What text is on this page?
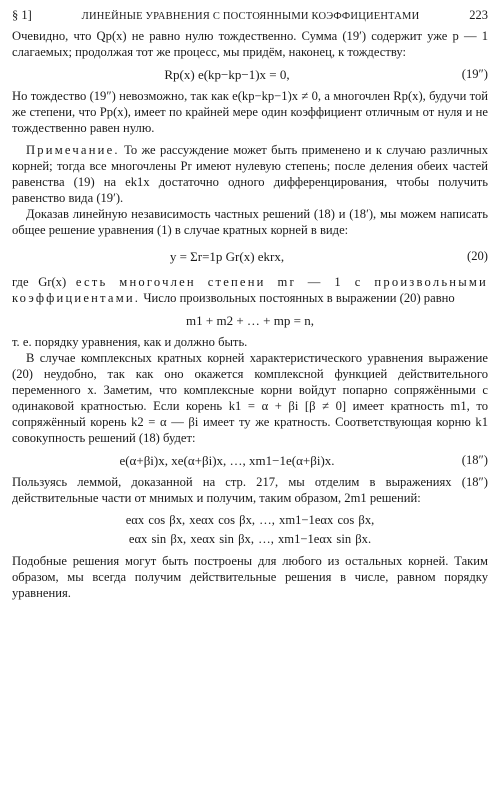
§ 1]	ЛИНЕЙНЫЕ УРАВНЕНИЯ С ПОСТОЯННЫМИ КОЭФФИЦИЕНТАМИ	223

Очевидно, что Qp(x) не равно нулю тождественно. Сумма (19′) содержит уже p — 1 слагаемых; продолжая тот же процесс, мы придём, наконец, к тождеству:

Rp(x) e(kp−kp−1)x = 0,	(19″)

Но тождество (19″) невозможно, так как e(kp−kp−1)x ≠ 0, а многочлен Rp(x), будучи той же степени, что Pp(x), имеет по крайней мере один коэффициент отличным от нуля и не тождественно равен нулю.

Примечание. То же рассуждение может быть применено и к случаю различных корней; тогда все многочлены Pr имеют нулевую степень; после деления обеих частей равенства (19) на ek1x достаточно одного дифференцирования, чтобы получить равенство вида (19′).

Доказав линейную независимость частных решений (18) и (18′), мы можем написать общее решение уравнения (1) в случае кратных корней в виде:

y = Σr=1p Gr(x) ekrx,	(20)

где Gr(x) есть многочлен степени mr — 1 с произвольными коэффициентами. Число произвольных постоянных в выражении (20) равно

m1 + m2 + … + mp = n,

т. е. порядку уравнения, как и должно быть.

В случае комплексных кратных корней характеристического уравнения выражение (20) неудобно, так как оно окажется комплексной функцией действительного переменного x. Заметим, что комплексные корни войдут попарно сопряжёнными с одинаковой кратностью. Если корень k1 = α + βi [β ≠ 0] имеет кратность m1, то сопряжённый корень k2 = α — βi имеет ту же кратность. Соответствующая корню k1 совокупность решений (18) будет:

e(α+βi)x, xe(α+βi)x, …, xm1−1e(α+βi)x.	(18″)

Пользуясь леммой, доказанной на стр. 217, мы отделим в выражениях (18″) действительные части от мнимых и получим, таким образом, 2m1 решений:

eαx cos βx, xeαx cos βx, …, xm1−1eαx cos βx,
eαx sin βx, xeαx sin βx, …, xm1−1eαx sin βx.

Подобные решения могут быть построены для любого из остальных корней. Таким образом, мы всегда получим действительные решения в числе, равном порядку уравнения.
